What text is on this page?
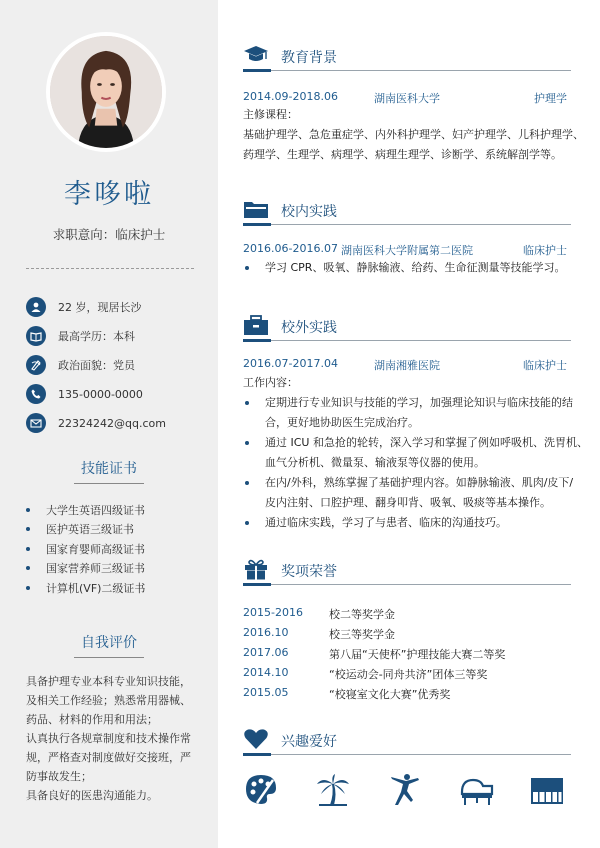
李哆啦
求职意向：临床护士
22 岁，现居长沙
最高学历：本科
政治面貌：党员
135-0000-0000
22324242@qq.com
技能证书
大学生英语四级证书
医护英语三级证书
国家育婴师高级证书
国家营养师三级证书
计算机(VF)二级证书
自我评价
具备护理专业本科专业知识技能，
及相关工作经验；熟悉常用器械、
药品、材料的作用和用法；
认真执行各规章制度和技术操作常
规，严格查对制度做好交接班，严
防事故发生；
具备良好的医患沟通能力。
教育背景
2014.09-2018.06	湖南医科大学	护理学
主修课程：
基础护理学、急危重症学、内外科护理学、妇产护理学、儿科护理学、
药理学、生理学、病理学、病理生理学、诊断学、系统解剖学等。
校内实践
2016.06-2016.07 湖南医科大学附属第二医院	临床护士
学习 CPR、吸氧、静脉输液、给药、生命征测量等技能学习。
校外实践
2016.07-2017.04	湖南湘雅医院	临床护士
工作内容：
定期进行专业知识与技能的学习，加强理论知识与临床技能的结
合，更好地协助医生完成治疗。
通过 ICU 和急抢的轮转，深入学习和掌握了例如呼吸机、洗胃机、
血气分析机、微量泵、输液泵等仪器的使用。
在内/外科，熟练掌握了基础护理内容。如静脉输液、肌肉/皮下/
皮内注射、口腔护理、翻身叩背、吸氧、吸痰等基本操作。
通过临床实践，学习了与患者、临床的沟通技巧。
奖项荣誉
2015-2016 校二等奖学金
2016.10	校三等奖学金
2017.06	第八届“天使杯”护理技能大赛二等奖
2014.10	“校运动会-同舟共济”团体三等奖
2015.05	“校寝室文化大赛”优秀奖
兴趣爱好
